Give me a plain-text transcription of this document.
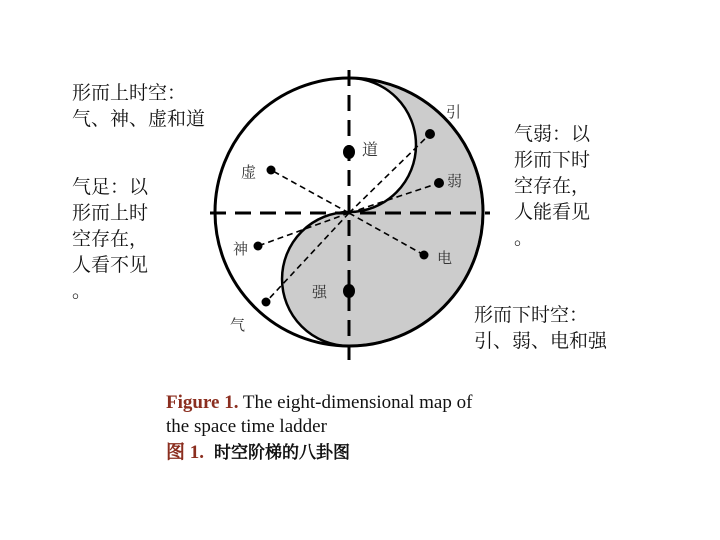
道
虚
神
气
引
弱
电
强
形而上时空：
气、神、虚和道
气足：以
形而上时
空存在，
人看不见
。
气弱：以
形而下时
空存在，
人能看见
。
形而下时空：
引、弱、电和强
Figure 1. The eight-dimensional map of
the space time ladder
图 1. 时空阶梯的八卦图
